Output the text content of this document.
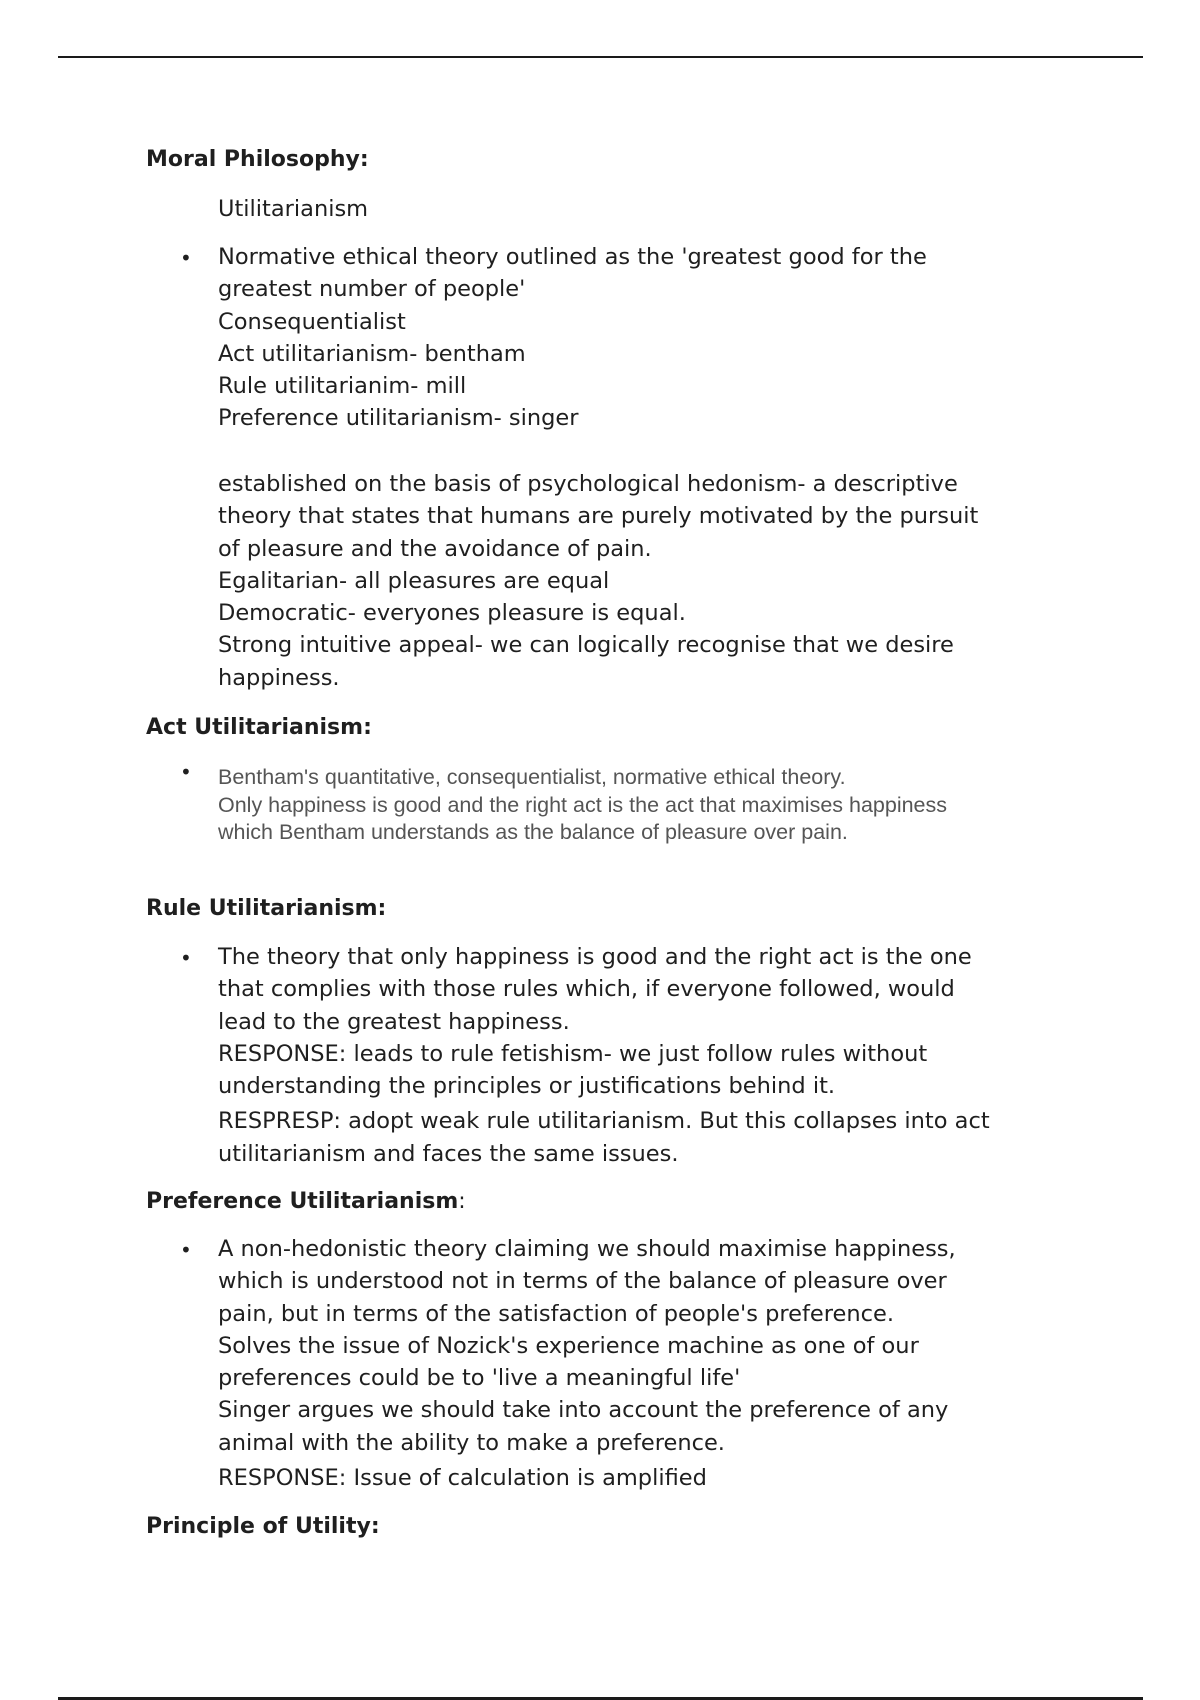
Moral Philosophy:

Utilitarianism

• Normative ethical theory outlined as the 'greatest good for the
greatest number of people'
Consequentialist
Act utilitarianism- bentham
Rule utilitarianim- mill
Preference utilitarianism- singer
established on the basis of psychological hedonism- a descriptive
theory that states that humans are purely motivated by the pursuit
of pleasure and the avoidance of pain.
Egalitarian- all pleasures are equal
Democratic- everyones pleasure is equal.
Strong intuitive appeal- we can logically recognise that we desire
happiness.
Act Utilitarianism:
• Bentham's quantitative, consequentialist, normative ethical theory.
Only happiness is good and the right act is the act that maximises happiness
which Bentham understands as the balance of pleasure over pain.
Rule Utilitarianism:
• The theory that only happiness is good and the right act is the one
that complies with those rules which, if everyone followed, would
lead to the greatest happiness.
RESPONSE: leads to rule fetishism- we just follow rules without
understanding the principles or justifications behind it.
RESPRESP: adopt weak rule utilitarianism. But this collapses into act
utilitarianism and faces the same issues.
Preference Utilitarianism:
• A non-hedonistic theory claiming we should maximise happiness,
which is understood not in terms of the balance of pleasure over
pain, but in terms of the satisfaction of people's preference.
Solves the issue of Nozick's experience machine as one of our
preferences could be to 'live a meaningful life'
Singer argues we should take into account the preference of any
animal with the ability to make a preference.
RESPONSE: Issue of calculation is amplified
Principle of Utility:
